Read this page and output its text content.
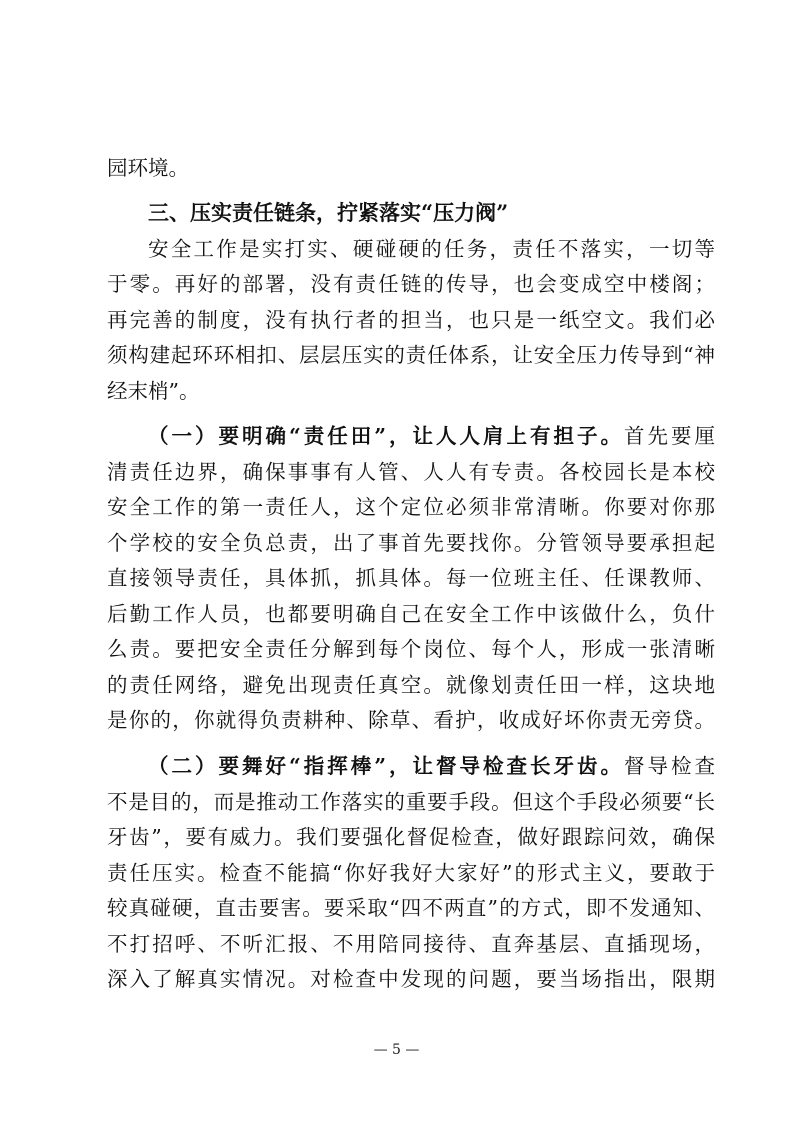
园环境。
三、压实责任链条，拧紧落实“压力阀”
安全工作是实打实、硬碰硬的任务，责任不落实，一切等
于零。再好的部署，没有责任链的传导，也会变成空中楼阁；
再完善的制度，没有执行者的担当，也只是一纸空文。我们必
须构建起环环相扣、层层压实的责任体系，让安全压力传导到“神
经末梢”。
（一）要明确“责任田”，让人人肩上有担子。首先要厘
清责任边界，确保事事有人管、人人有专责。各校园长是本校
安全工作的第一责任人，这个定位必须非常清晰。你要对你那
个学校的安全负总责，出了事首先要找你。分管领导要承担起
直接领导责任，具体抓，抓具体。每一位班主任、任课教师、
后勤工作人员，也都要明确自己在安全工作中该做什么，负什
么责。要把安全责任分解到每个岗位、每个人，形成一张清晰
的责任网络，避免出现责任真空。就像划责任田一样，这块地
是你的，你就得负责耕种、除草、看护，收成好坏你责无旁贷。
（二）要舞好“指挥棒”，让督导检查长牙齿。督导检查
不是目的，而是推动工作落实的重要手段。但这个手段必须要“长
牙齿”，要有威力。我们要强化督促检查，做好跟踪问效，确保
责任压实。检查不能搞“你好我好大家好”的形式主义，要敢于
较真碰硬，直击要害。要采取“四不两直”的方式，即不发通知、
不打招呼、不听汇报、不用陪同接待、直奔基层、直插现场，
深入了解真实情况。对检查中发现的问题，要当场指出，限期
— 5 —
